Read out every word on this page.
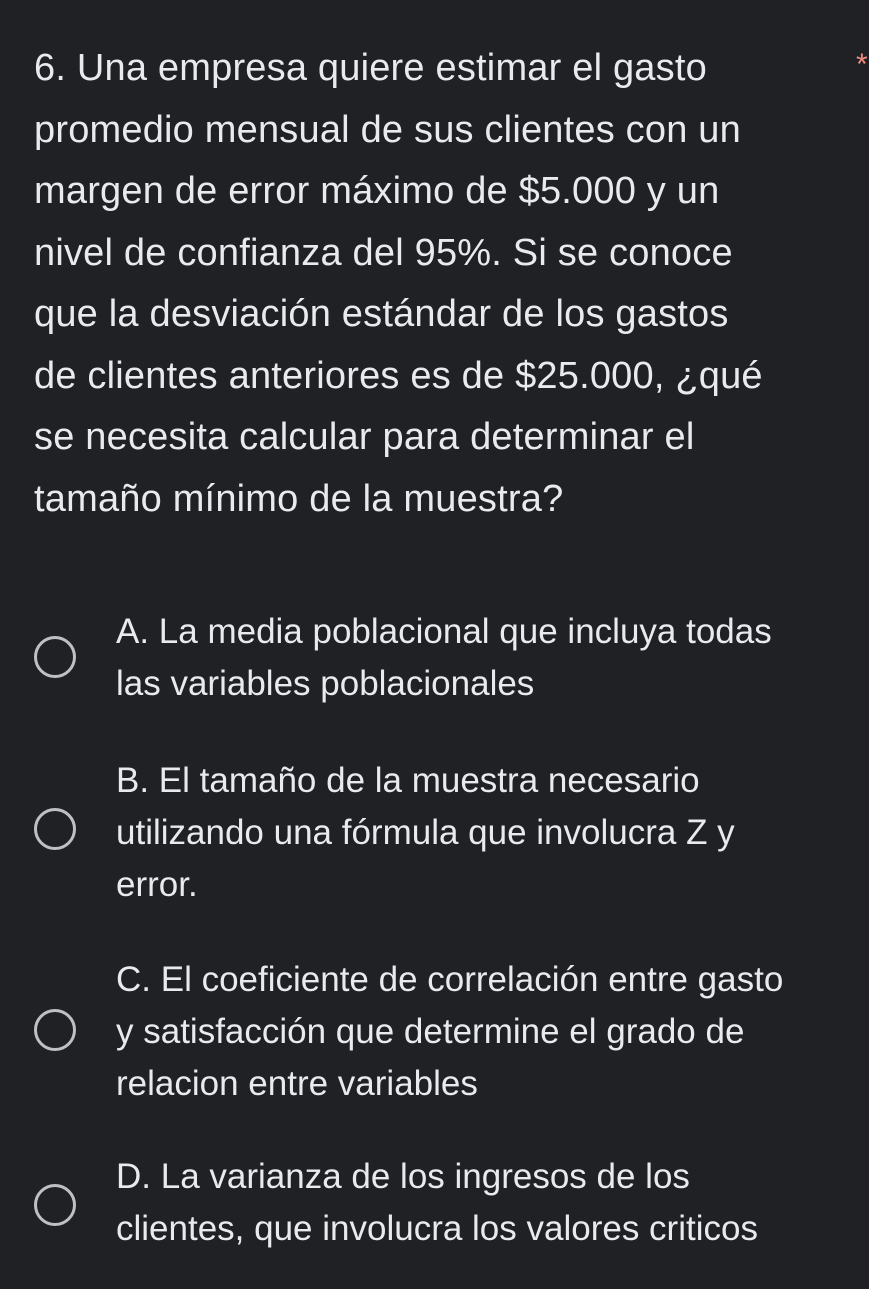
6. Una empresa quiere estimar el gasto
promedio mensual de sus clientes con un
margen de error máximo de $5.000 y un
nivel de confianza del 95%. Si se conoce
que la desviación estándar de los gastos
de clientes anteriores es de $25.000, ¿qué
se necesita calcular para determinar el
tamaño mínimo de la muestra?
*
A. La media poblacional que incluya todas
las variables poblacionales
B. El tamaño de la muestra necesario
utilizando una fórmula que involucra Z y
error.
C. El coeficiente de correlación entre gasto
y satisfacción que determine el grado de
relacion entre variables
D. La varianza de los ingresos de los
clientes, que involucra los valores criticos
